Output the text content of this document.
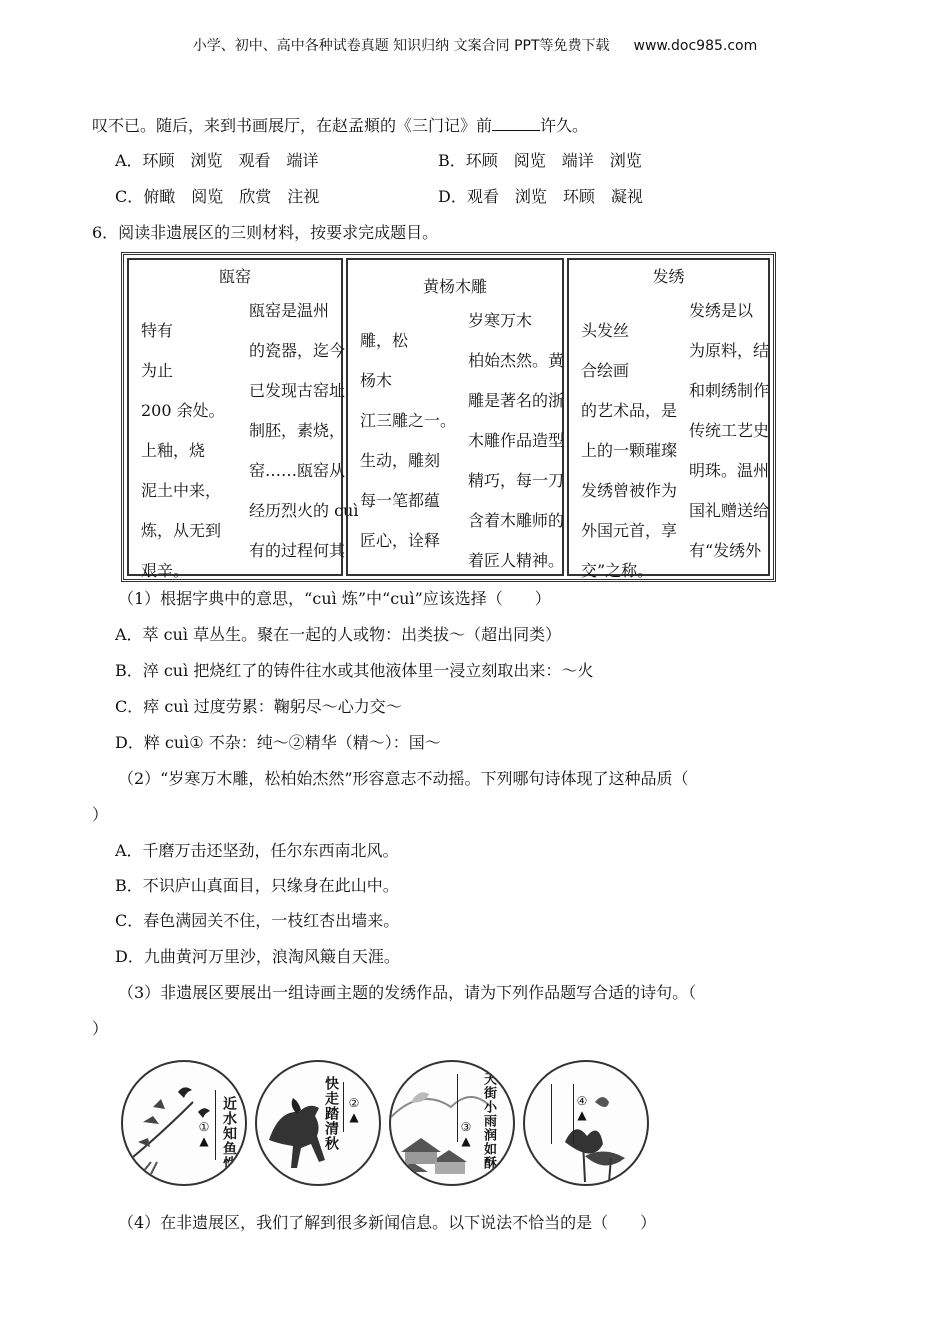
小学、初中、高中各种试卷真题 知识归纳 文案合同 PPT等免费下载 www.doc985.com
叹不已。随后，来到书画展厅，在赵孟頫的《三门记》前	许久。
A．环顾　浏览　观看　端详	B．环顾　阅览　端详　浏览
C．俯瞰　阅览　欣赏　注视	D．观看　浏览　环顾　凝视
6．阅读非遗展区的三则材料，按要求完成题目。
瓯窑
瓯窑是温州
特有
的瓷器，迄今
为止
已发现古窑址
200 余处。
制胚，素烧，
上釉，烧
窑……瓯窑从
泥土中来，
经历烈火的 cuì
炼，从无到
有的过程何其
艰辛。
黄杨木雕
岁寒万木
雕，松
柏始杰然。黄
杨木
雕是著名的浙
江三雕之一。
木雕作品造型
生动，雕刻
精巧，每一刀
每一笔都蕴
含着木雕师的
匠心，诠释
着匠人精神。
发绣
发绣是以
头发丝
为原料，结
合绘画
和刺绣制作
的艺术品，是
传统工艺史
上的一颗璀璨
明珠。温州
发绣曾被作为
国礼赠送给
外国元首，享
有“发绣外
交”之称。
（1）根据字典中的意思，“cuì 炼”中“cuì”应该选择（　　）
A．萃 cuì 草丛生。聚在一起的人或物：出类拔～（超出同类）
B．淬 cuì 把烧红了的铸件往水或其他液体里一浸立刻取出来：～火
C．瘁 cuì 过度劳累：鞠躬尽～心力交～
D．粹 cuì① 不杂：纯～②精华（精～）：国～
（2）“岁寒万木雕，松柏始杰然”形容意志不动摇。下列哪句诗体现了这种品质（
）
A．千磨万击还坚劲，任尔东西南北风。
B．不识庐山真面目，只缘身在此山中。
C．春色满园关不住，一枝红杏出墙来。
D．九曲黄河万里沙，浪淘风簸自天涯。
（3）非遗展区要展出一组诗画主题的发绣作品，请为下列作品题写合适的诗句。（
）
近水知鱼性
①▲	快走踏清秋 ②▲
③▲ 天街小雨润如酥	④▲
（4）在非遗展区，我们了解到很多新闻信息。以下说法不恰当的是（　　）
